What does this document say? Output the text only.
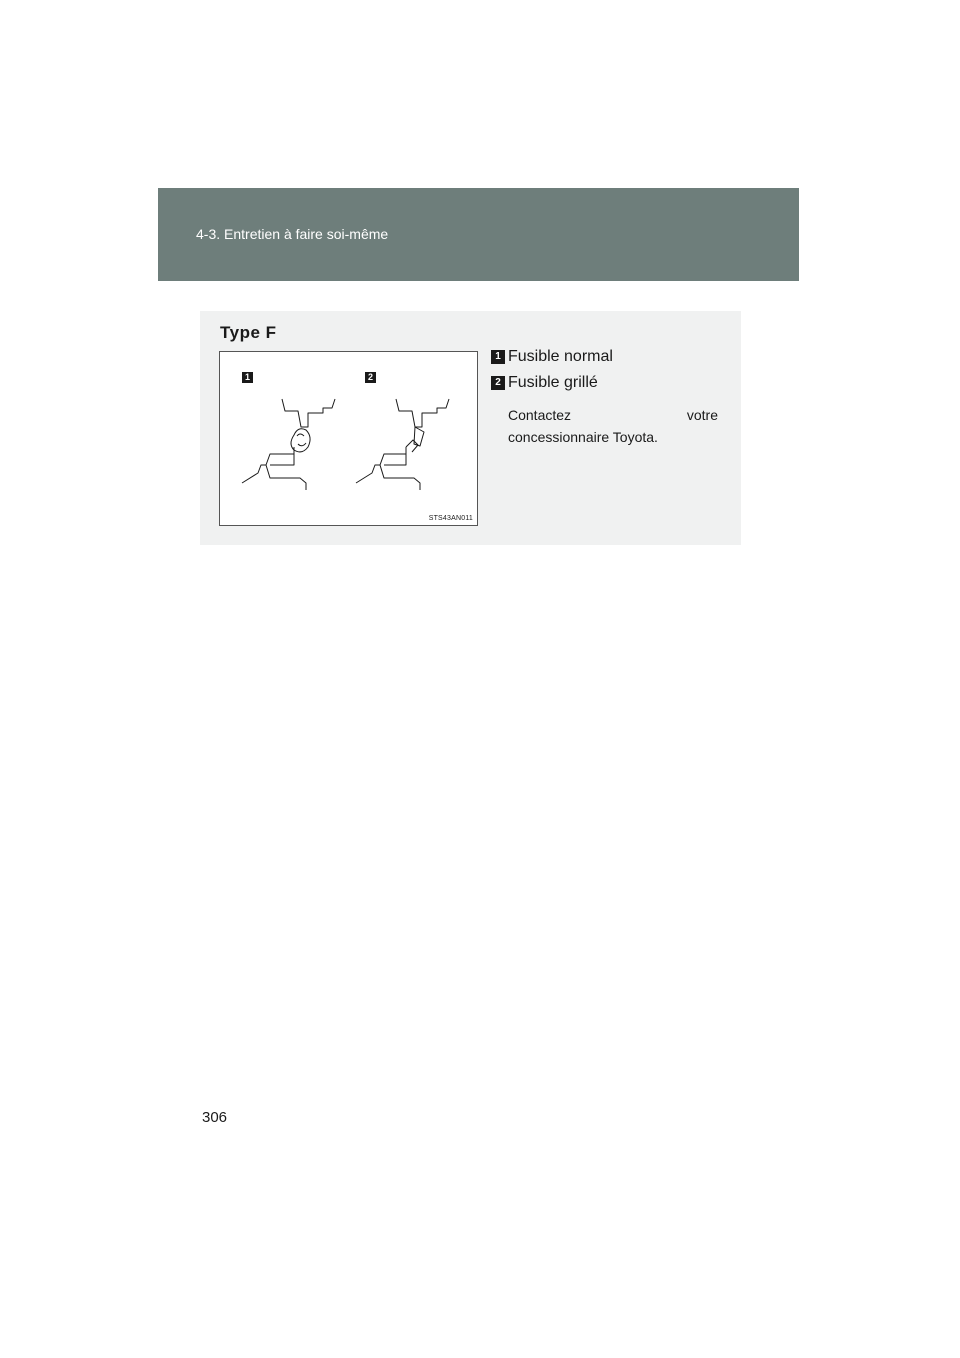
4-3. Entretien à faire soi-même
Type F
1	2
STS43AN011
1 Fusible normal
2 Fusible grillé
Contactez	votre
concessionnaire Toyota.
306
